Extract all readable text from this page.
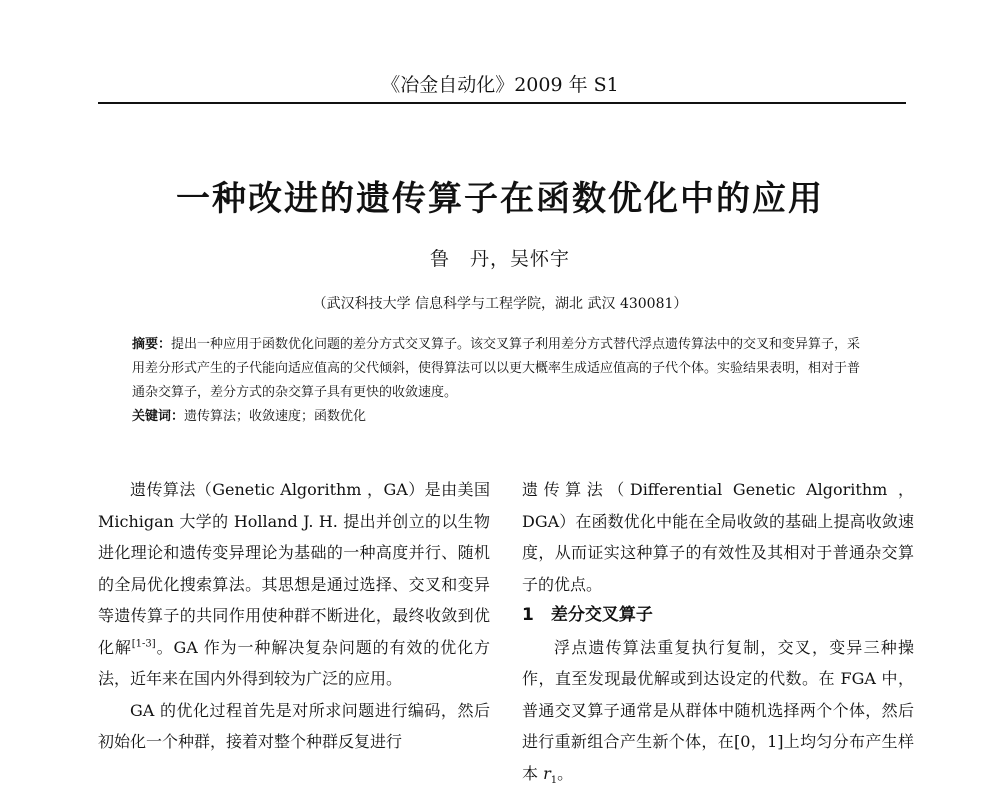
《冶金自动化》2009 年 S1
一种改进的遗传算子在函数优化中的应用
鲁　丹，吴怀宇
（武汉科技大学 信息科学与工程学院，湖北 武汉 430081）

摘要：提出一种应用于函数优化问题的差分方式交叉算子。该交叉算子利用差分方式替代浮点遗传算法中的交叉和变异算子，采用差分形式产生的子代能向适应值高的父代倾斜，使得算法可以以更大概率生成适应值高的子代个体。实验结果表明，相对于普通杂交算子，差分方式的杂交算子具有更快的收敛速度。

关键词：遗传算法；收敛速度；函数优化

遗传算法（Genetic Algorithm ，GA）是由美国 Michigan 大学的 Holland J. H. 提出并创立的以生物进化理论和遗传变异理论为基础的一种高度并行、随机的全局优化搜索算法。其思想是通过选择、交叉和变异等遗传算子的共同作用使种群不断进化，最终收敛到优化解[1-3]。GA 作为一种解决复杂问题的有效的优化方法，近年来在国内外得到较为广泛的应用。

GA 的优化过程首先是对所求问题进行编码，然后初始化一个种群，接着对整个种群反复进行

遗传算法（Differential Genetic Algorithm ，DGA）在函数优化中能在全局收敛的基础上提高收敛速度，从而证实这种算子的有效性及其相对于普通杂交算子的优点。

1　差分交叉算子

浮点遗传算法重复执行复制，交叉，变异三种操作，直至发现最优解或到达设定的代数。在 FGA 中，普通交叉算子通常是从群体中随机选择两个个体，然后进行重新组合产生新个体，在[0，1]上均匀分布产生样本 $r_1$。
